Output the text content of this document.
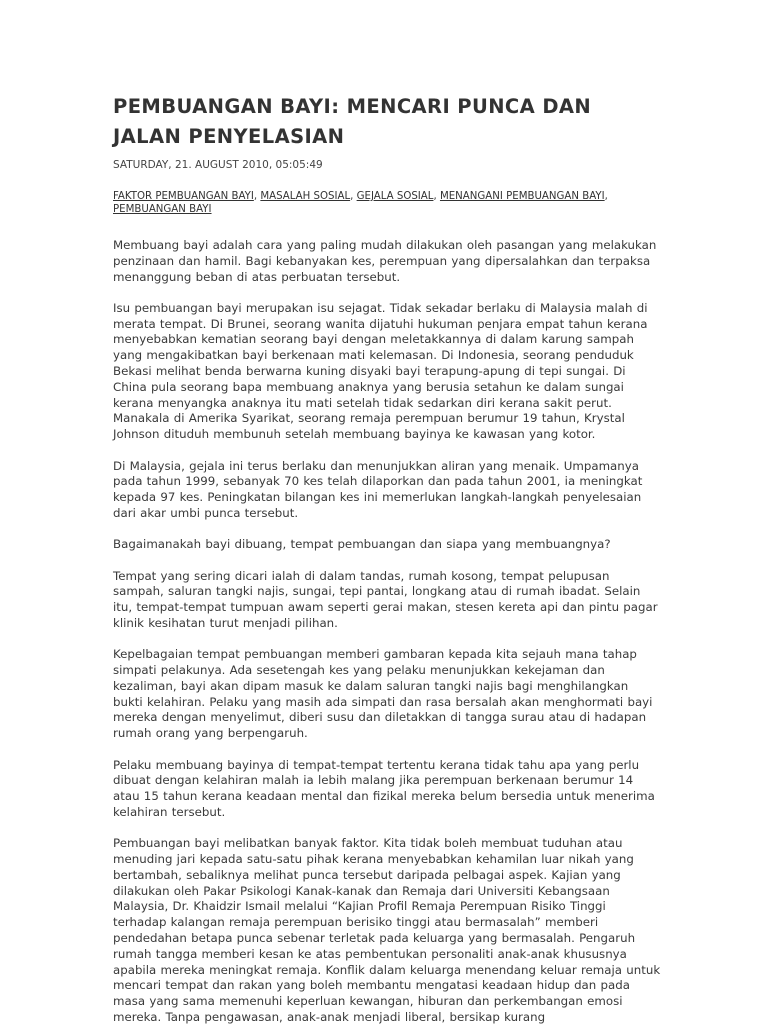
PEMBUANGAN BAYI: MENCARI PUNCA DAN JALAN PENYELASIAN
SATURDAY, 21. AUGUST 2010, 05:05:49
FAKTOR PEMBUANGAN BAYI, MASALAH SOSIAL, GEJALA SOSIAL, MENANGANI PEMBUANGAN BAYI, PEMBUANGAN BAYI

Membuang bayi adalah cara yang paling mudah dilakukan oleh pasangan yang melakukan penzinaan dan hamil. Bagi kebanyakan kes, perempuan yang dipersalahkan dan terpaksa menanggung beban di atas perbuatan tersebut.

Isu pembuangan bayi merupakan isu sejagat. Tidak sekadar berlaku di Malaysia malah di merata tempat. Di Brunei, seorang wanita dijatuhi hukuman penjara empat tahun kerana menyebabkan kematian seorang bayi dengan meletakkannya di dalam karung sampah yang mengakibatkan bayi berkenaan mati kelemasan. Di Indonesia, seorang penduduk Bekasi melihat benda berwarna kuning disyaki bayi terapung-apung di tepi sungai. Di China pula seorang bapa membuang anaknya yang berusia setahun ke dalam sungai kerana menyangka anaknya itu mati setelah tidak sedarkan diri kerana sakit perut. Manakala di Amerika Syarikat, seorang remaja perempuan berumur 19 tahun, Krystal Johnson dituduh membunuh setelah membuang bayinya ke kawasan yang kotor.

Di Malaysia, gejala ini terus berlaku dan menunjukkan aliran yang menaik. Umpamanya pada tahun 1999, sebanyak 70 kes telah dilaporkan dan pada tahun 2001, ia meningkat kepada 97 kes. Peningkatan bilangan kes ini memerlukan langkah-langkah penyelesaian dari akar umbi punca tersebut.

Bagaimanakah bayi dibuang, tempat pembuangan dan siapa yang membuangnya?

Tempat yang sering dicari ialah di dalam tandas, rumah kosong, tempat pelupusan sampah, saluran tangki najis, sungai, tepi pantai, longkang atau di rumah ibadat. Selain itu, tempat-tempat tumpuan awam seperti gerai makan, stesen kereta api dan pintu pagar klinik kesihatan turut menjadi pilihan.

Kepelbagaian tempat pembuangan memberi gambaran kepada kita sejauh mana tahap simpati pelakunya. Ada sesetengah kes yang pelaku menunjukkan kekejaman dan kezaliman, bayi akan dipam masuk ke dalam saluran tangki najis bagi menghilangkan bukti kelahiran. Pelaku yang masih ada simpati dan rasa bersalah akan menghormati bayi mereka dengan menyelimut, diberi susu dan diletakkan di tangga surau atau di hadapan rumah orang yang berpengaruh.

Pelaku membuang bayinya di tempat-tempat tertentu kerana tidak tahu apa yang perlu dibuat dengan kelahiran malah ia lebih malang jika perempuan berkenaan berumur 14 atau 15 tahun kerana keadaan mental dan fizikal mereka belum bersedia untuk menerima kelahiran tersebut.

Pembuangan bayi melibatkan banyak faktor. Kita tidak boleh membuat tuduhan atau menuding jari kepada satu-satu pihak kerana menyebabkan kehamilan luar nikah yang bertambah, sebaliknya melihat punca tersebut daripada pelbagai aspek. Kajian yang dilakukan oleh Pakar Psikologi Kanak-kanak dan Remaja dari Universiti Kebangsaan Malaysia, Dr. Khaidzir Ismail melalui “Kajian Profil Remaja Perempuan Risiko Tinggi terhadap kalangan remaja perempuan berisiko tinggi atau bermasalah” memberi pendedahan betapa punca sebenar terletak pada keluarga yang bermasalah. Pengaruh rumah tangga memberi kesan ke atas pembentukan personaliti anak-anak khususnya apabila mereka meningkat remaja. Konflik dalam keluarga menendang keluar remaja untuk mencari tempat dan rakan yang boleh membantu mengatasi keadaan hidup dan pada masa yang sama memenuhi keperluan kewangan, hiburan dan perkembangan emosi mereka. Tanpa pengawasan, anak-anak menjadi liberal, bersikap kurang
